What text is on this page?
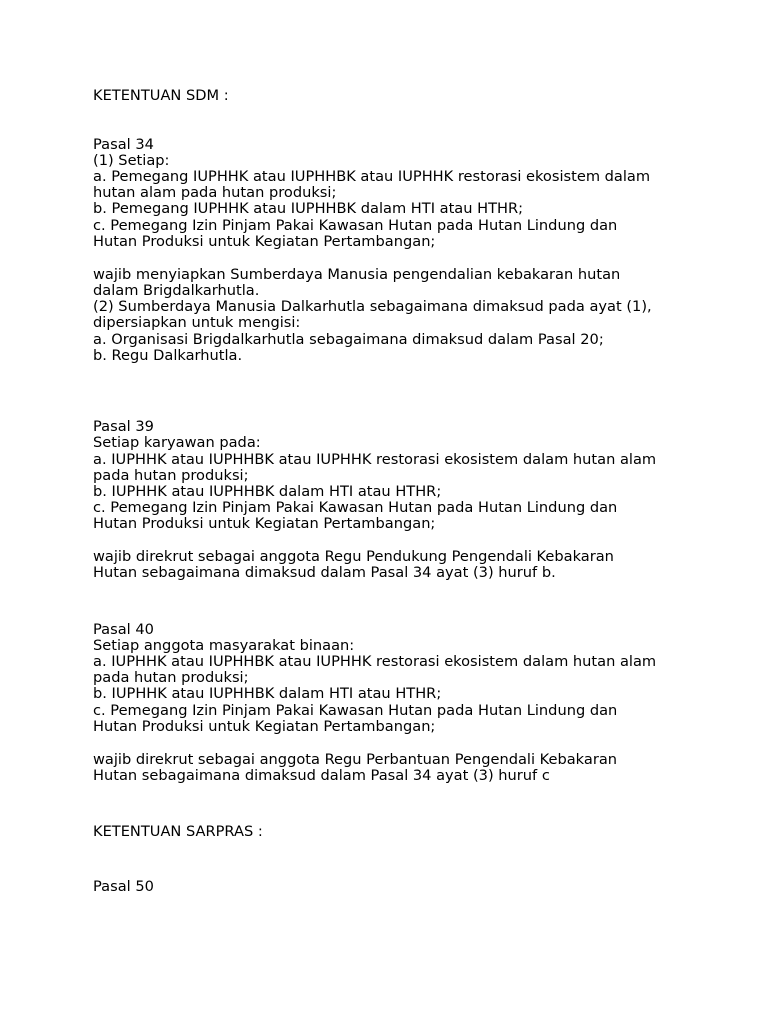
KETENTUAN SDM :

Pasal 34

(1) Setiap:

a. Pemegang IUPHHK atau IUPHHBK atau IUPHHK restorasi ekosistem dalam

hutan alam pada hutan produksi;

b. Pemegang IUPHHK atau IUPHHBK dalam HTI atau HTHR;

c. Pemegang Izin Pinjam Pakai Kawasan Hutan pada Hutan Lindung dan

Hutan Produksi untuk Kegiatan Pertambangan;

wajib menyiapkan Sumberdaya Manusia pengendalian kebakaran hutan

dalam Brigdalkarhutla.

(2) Sumberdaya Manusia Dalkarhutla sebagaimana dimaksud pada ayat (1),

dipersiapkan untuk mengisi:

a. Organisasi Brigdalkarhutla sebagaimana dimaksud dalam Pasal 20;

b. Regu Dalkarhutla.

Pasal 39

Setiap karyawan pada:

a. IUPHHK atau IUPHHBK atau IUPHHK restorasi ekosistem dalam hutan alam

pada hutan produksi;

b. IUPHHK atau IUPHHBK dalam HTI atau HTHR;

c. Pemegang Izin Pinjam Pakai Kawasan Hutan pada Hutan Lindung dan

Hutan Produksi untuk Kegiatan Pertambangan;

wajib direkrut sebagai anggota Regu Pendukung Pengendali Kebakaran

Hutan sebagaimana dimaksud dalam Pasal 34 ayat (3) huruf b.

Pasal 40

Setiap anggota masyarakat binaan:

a. IUPHHK atau IUPHHBK atau IUPHHK restorasi ekosistem dalam hutan alam

pada hutan produksi;

b. IUPHHK atau IUPHHBK dalam HTI atau HTHR;

c. Pemegang Izin Pinjam Pakai Kawasan Hutan pada Hutan Lindung dan

Hutan Produksi untuk Kegiatan Pertambangan;

wajib direkrut sebagai anggota Regu Perbantuan Pengendali Kebakaran

Hutan sebagaimana dimaksud dalam Pasal 34 ayat (3) huruf c

KETENTUAN SARPRAS :

Pasal 50
